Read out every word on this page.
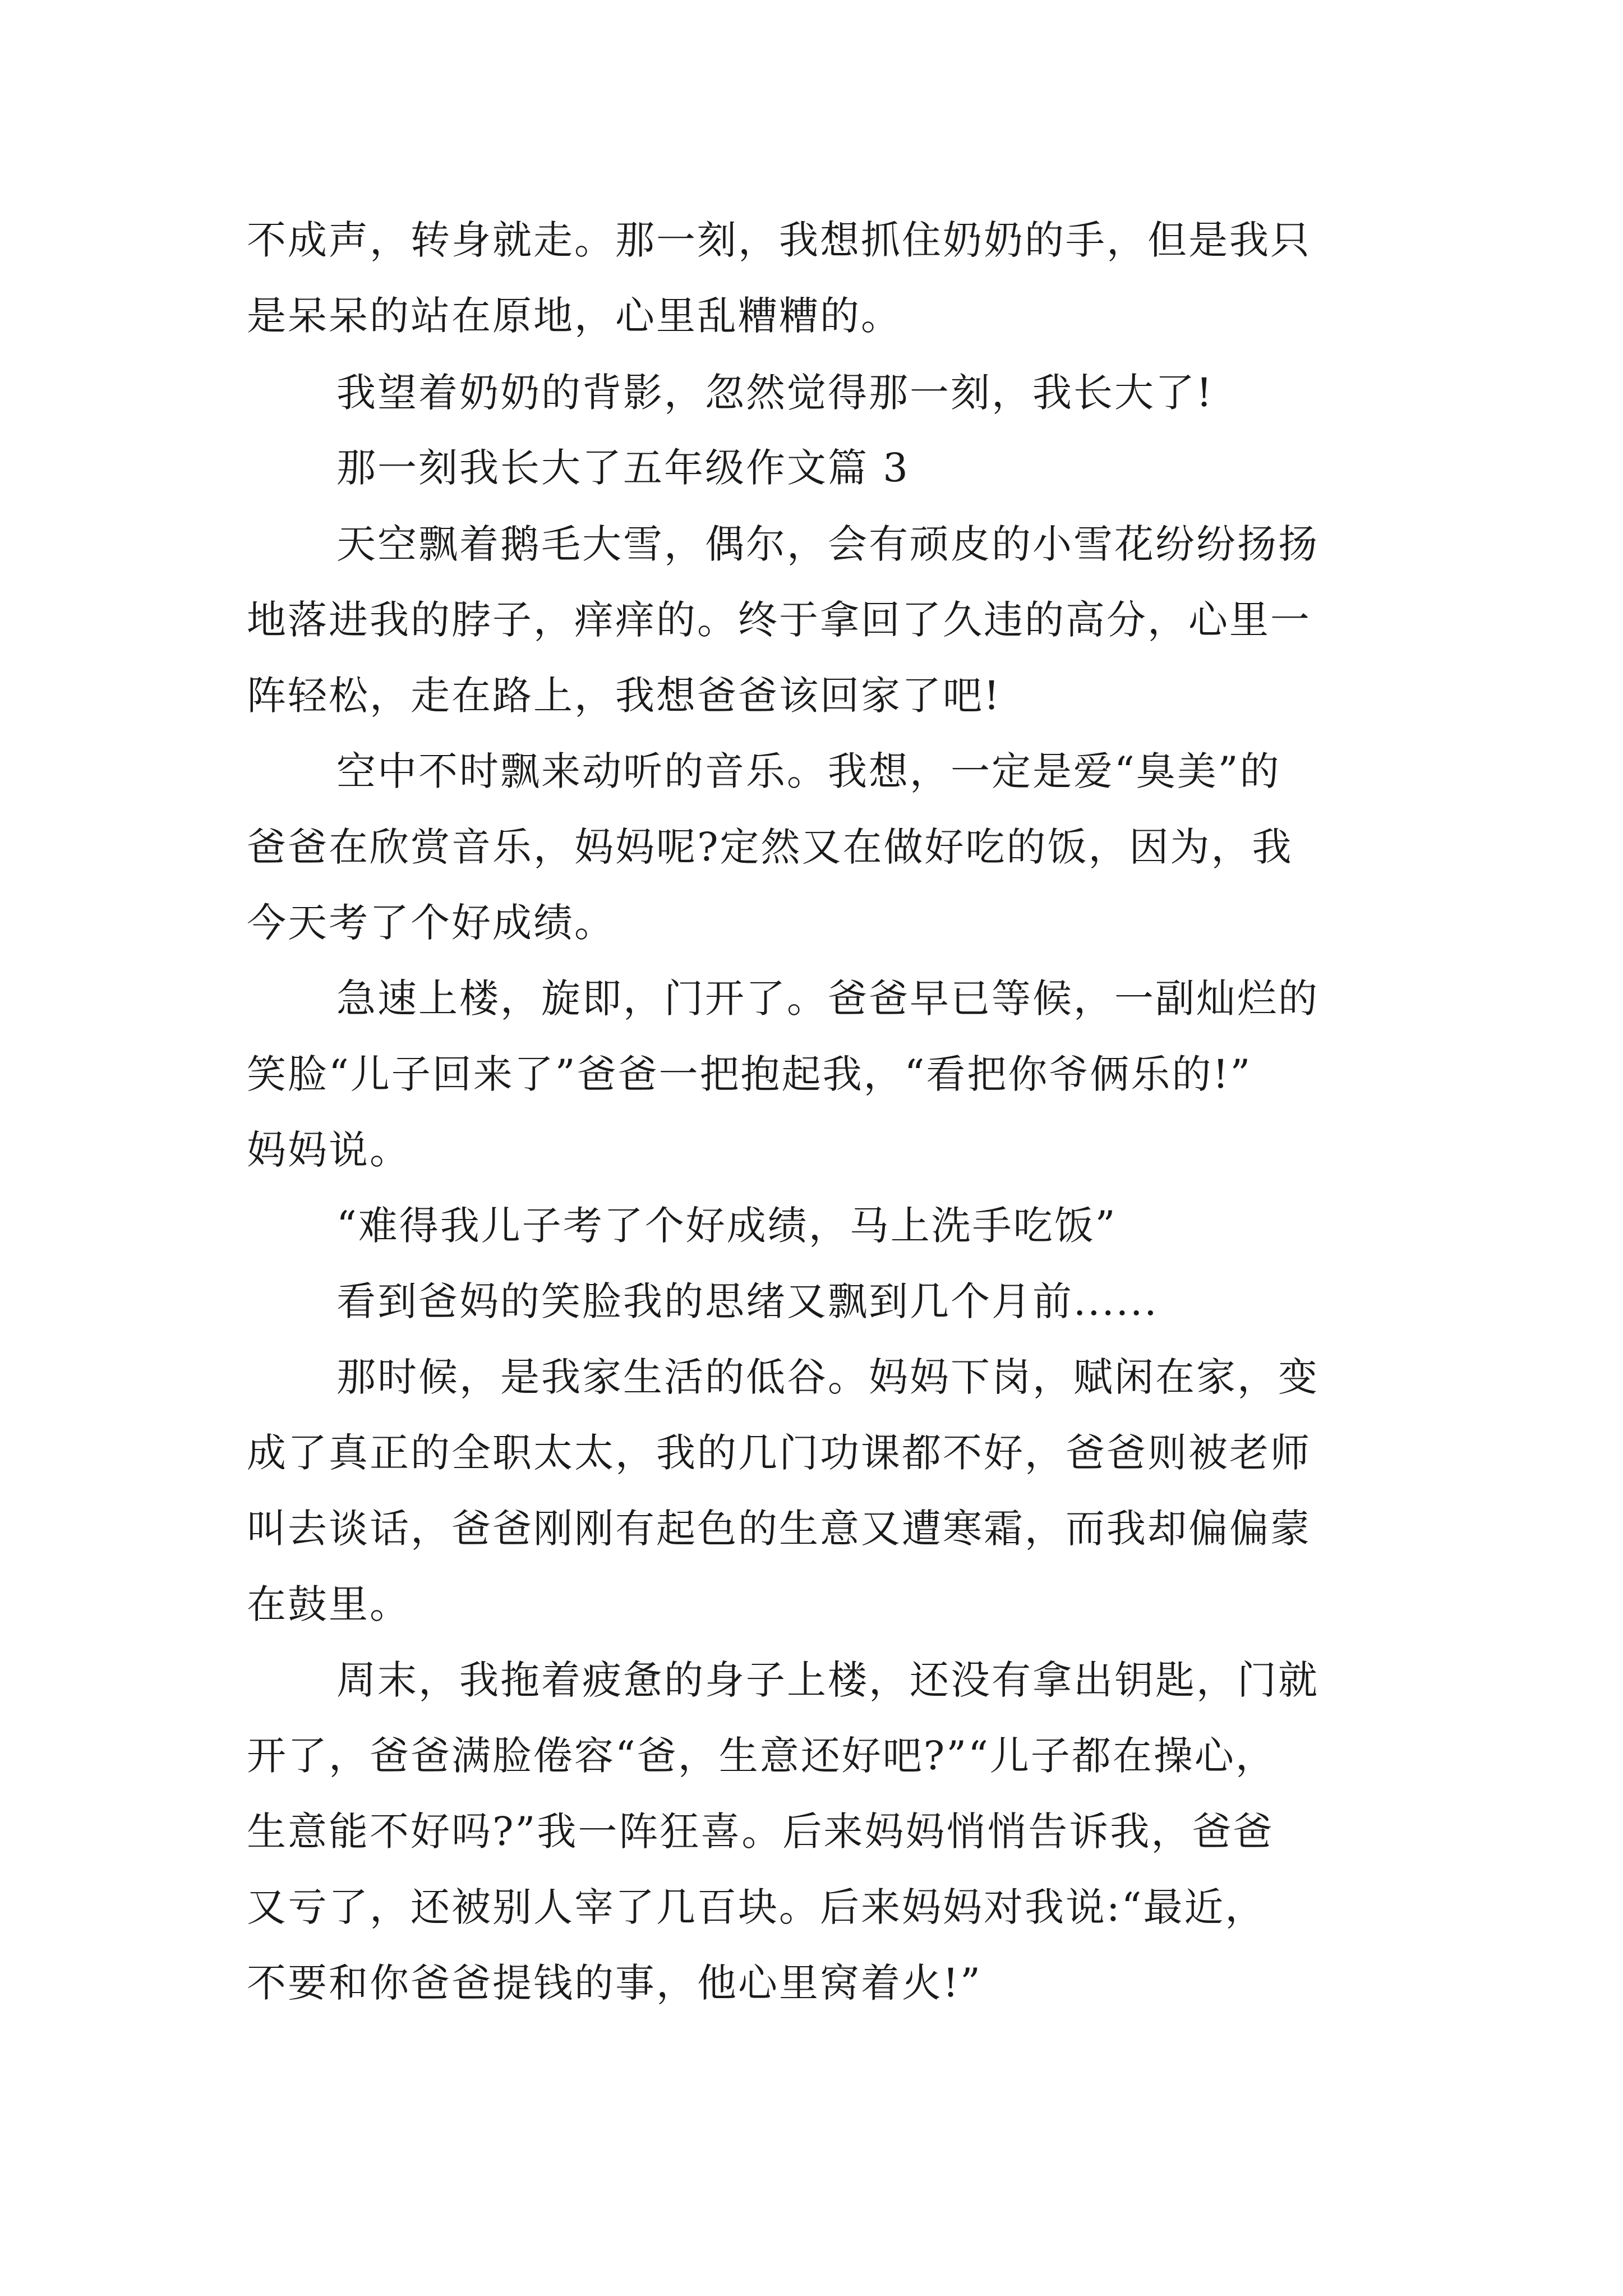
不成声，转身就走。那一刻，我想抓住奶奶的手，但是我只

是呆呆的站在原地，心里乱糟糟的。

我望着奶奶的背影，忽然觉得那一刻，我长大了!

那一刻我长大了五年级作文篇 3

天空飘着鹅毛大雪，偶尔，会有顽皮的小雪花纷纷扬扬

地落进我的脖子，痒痒的。终于拿回了久违的高分，心里一

阵轻松，走在路上，我想爸爸该回家了吧!

空中不时飘来动听的音乐。我想，一定是爱“臭美”的

爸爸在欣赏音乐，妈妈呢?定然又在做好吃的饭，因为，我

今天考了个好成绩。

急速上楼，旋即，门开了。爸爸早已等候，一副灿烂的

笑脸“儿子回来了”爸爸一把抱起我，“看把你爷俩乐的!”

妈妈说。

“难得我儿子考了个好成绩，马上洗手吃饭”

看到爸妈的笑脸我的思绪又飘到几个月前......

那时候，是我家生活的低谷。妈妈下岗，赋闲在家，变

成了真正的全职太太，我的几门功课都不好，爸爸则被老师

叫去谈话，爸爸刚刚有起色的生意又遭寒霜，而我却偏偏蒙

在鼓里。

周末，我拖着疲惫的身子上楼，还没有拿出钥匙，门就

开了，爸爸满脸倦容“爸，生意还好吧?”“儿子都在操心，

生意能不好吗?”我一阵狂喜。后来妈妈悄悄告诉我，爸爸

又亏了，还被别人宰了几百块。后来妈妈对我说:“最近，

不要和你爸爸提钱的事，他心里窝着火!”
